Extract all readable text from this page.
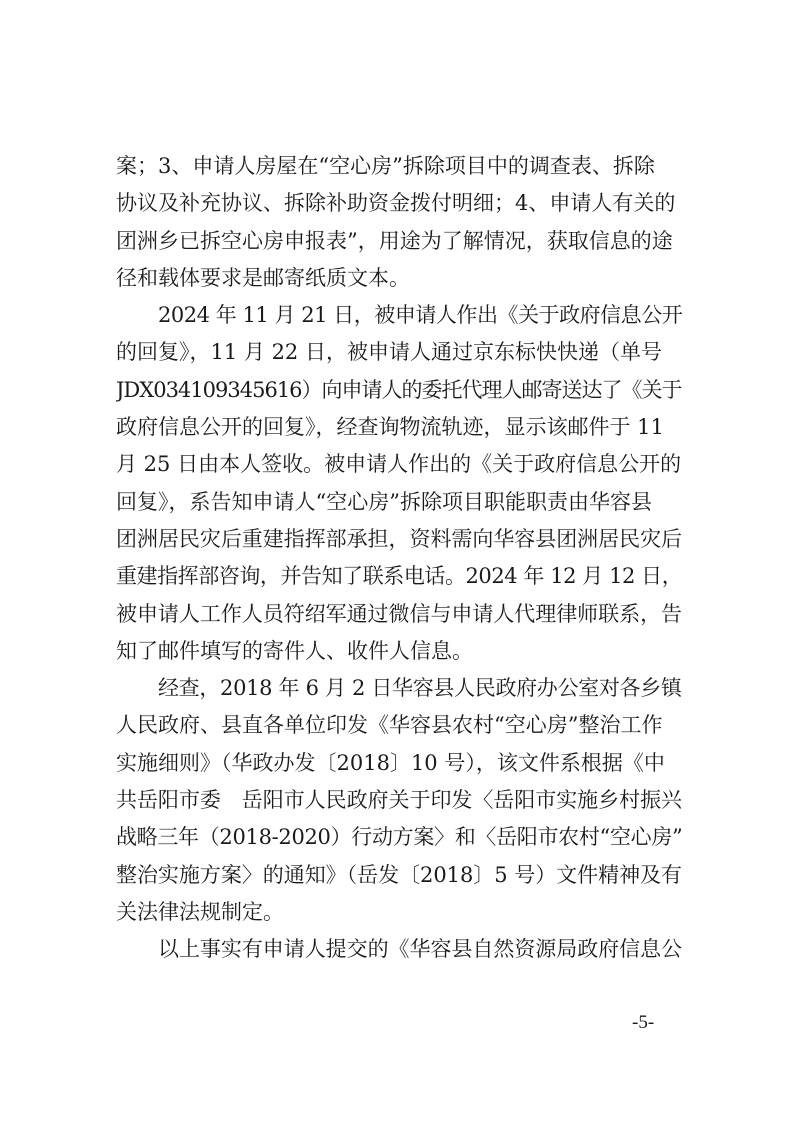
案；3、申请人房屋在“空心房”拆除项目中的调查表、拆除
协议及补充协议、拆除补助资金拨付明细；4、申请人有关的
团洲乡已拆空心房申报表”，用途为了解情况，获取信息的途
径和载体要求是邮寄纸质文本。
2024 年 11 月 21 日，被申请人作出《关于政府信息公开
的回复》，11 月 22 日，被申请人通过京东标快快递（单号
JDX034109345616）向申请人的委托代理人邮寄送达了《关于
政府信息公开的回复》，经查询物流轨迹，显示该邮件于 11
月 25 日由本人签收。被申请人作出的《关于政府信息公开的
回复》，系告知申请人“空心房”拆除项目职能职责由华容县
团洲居民灾后重建指挥部承担，资料需向华容县团洲居民灾后
重建指挥部咨询，并告知了联系电话。2024 年 12 月 12 日，
被申请人工作人员符绍军通过微信与申请人代理律师联系，告
知了邮件填写的寄件人、收件人信息。
经查，2018 年 6 月 2 日华容县人民政府办公室对各乡镇
人民政府、县直各单位印发《华容县农村“空心房”整治工作
实施细则》（华政办发〔2018〕10 号），该文件系根据《中
共岳阳市委　岳阳市人民政府关于印发〈岳阳市实施乡村振兴
战略三年（2018-2020）行动方案〉和〈岳阳市农村“空心房”
整治实施方案〉的通知》（岳发〔2018〕5 号）文件精神及有
关法律法规制定。
以上事实有申请人提交的《华容县自然资源局政府信息公
-5-
